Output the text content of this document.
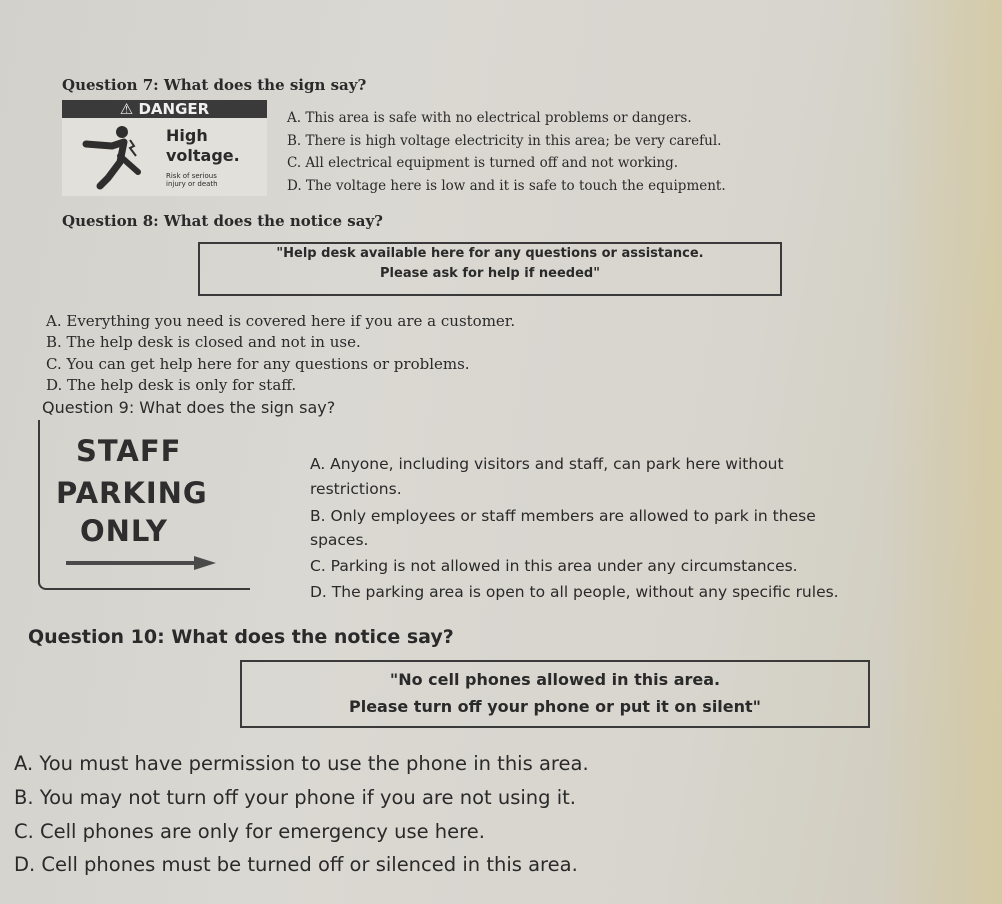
Question 7: What does the sign say?
⚠ DANGER
High
voltage.
Risk of serious
injury or death
A. This area is safe with no electrical problems or dangers.
B. There is high voltage electricity in this area; be very careful.
C. All electrical equipment is turned off and not working.
D. The voltage here is low and it is safe to touch the equipment.
Question 8: What does the notice say?
"Help desk available here for any questions or assistance.
Please ask for help if needed"
A. Everything you need is covered here if you are a customer.
B. The help desk is closed and not in use.
C. You can get help here for any questions or problems.
D. The help desk is only for staff.
Question 9: What does the sign say?
STAFF
PARKING
ONLY
A. Anyone, including visitors and staff, can park here without
restrictions.
B. Only employees or staff members are allowed to park in these
spaces.
C. Parking is not allowed in this area under any circumstances.
D. The parking area is open to all people, without any specific rules.
Question 10: What does the notice say?
"No cell phones allowed in this area.
Please turn off your phone or put it on silent"
A. You must have permission to use the phone in this area.
B. You may not turn off your phone if you are not using it.
C. Cell phones are only for emergency use here.
D. Cell phones must be turned off or silenced in this area.
